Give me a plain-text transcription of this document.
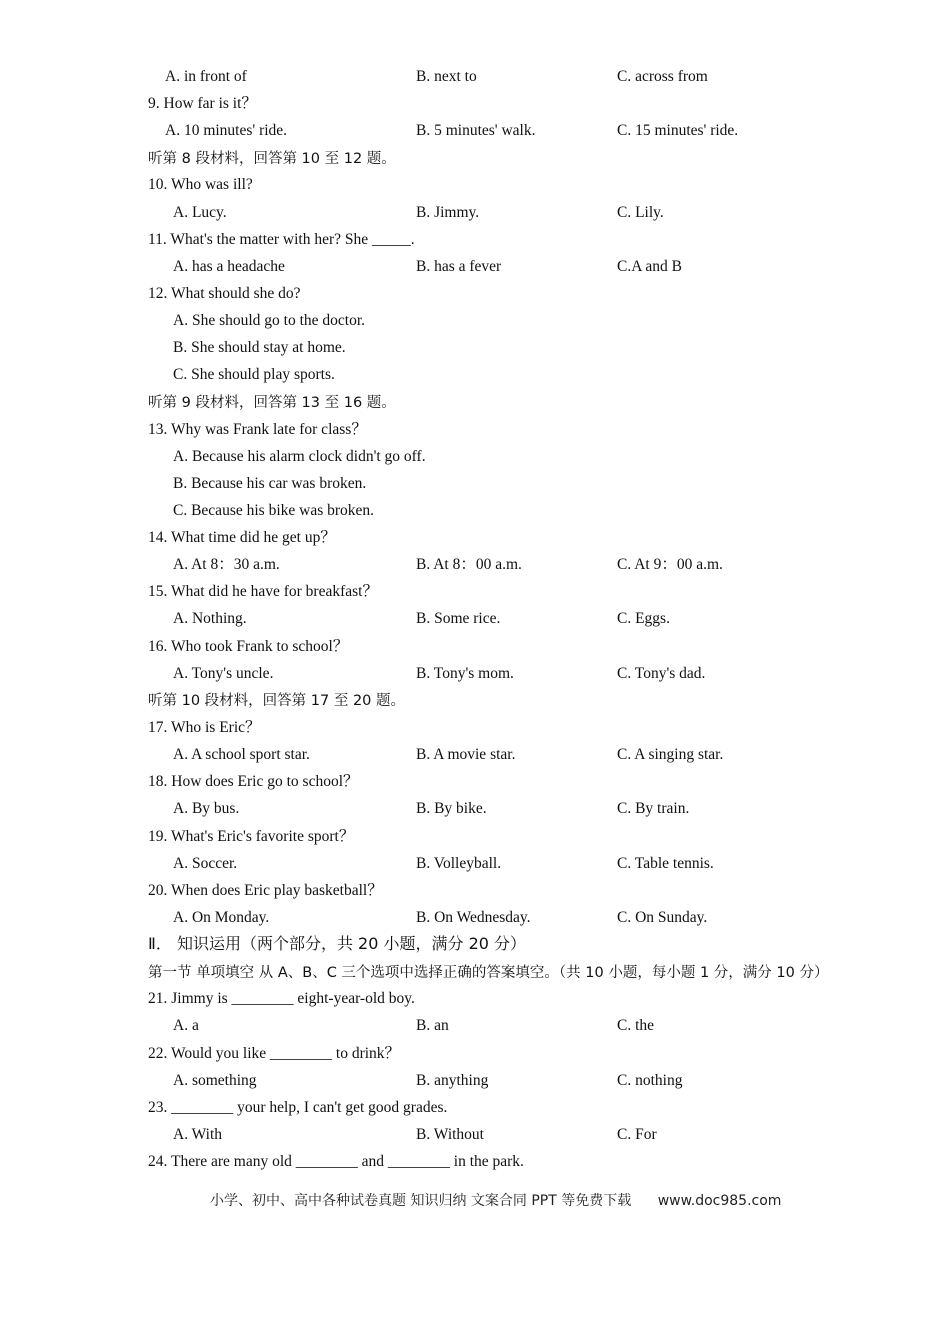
A. in front of	B. next to	C. across from
9. How far is it？
A. 10 minutes' ride.	B. 5 minutes' walk.	C. 15 minutes' ride.
听第 8 段材料，回答第 10 至 12 题。
10. Who was ill?
A. Lucy.	B. Jimmy.	C. Lily.
11. What's the matter with her? She _____.
A. has a headache	B. has a fever	C.A and B
12. What should she do?
A. She should go to the doctor.
B. She should stay at home.
C. She should play sports.
听第 9 段材料，回答第 13 至 16 题。
13. Why was Frank late for class？
A. Because his alarm clock didn't go off.
B. Because his car was broken.
C. Because his bike was broken.
14. What time did he get up？
A. At 8：30 a.m.	B. At 8：00 a.m.	C. At 9：00 a.m.
15. What did he have for breakfast？
A. Nothing.	B. Some rice.	C. Eggs.
16. Who took Frank to school？
A. Tony's uncle.	B. Tony's mom.	C. Tony's dad.
听第 10 段材料，回答第 17 至 20 题。
17. Who is Eric？
A. A school sport star.	B. A movie star.	C. A singing star.
18. How does Eric go to school？
A. By bus.	B. By bike.	C. By train.
19. What's Eric's favorite sport？
A. Soccer.	B. Volleyball.	C. Table tennis.
20. When does Eric play basketball？
A. On Monday.	B. On Wednesday.	C. On Sunday.
Ⅱ． 知识运用（两个部分，共 20 小题，满分 20 分）
第一节 单项填空 从 A、B、C 三个选项中选择正确的答案填空。（共 10 小题，每小题 1 分，满分 10 分）
21. Jimmy is ________ eight-year-old boy.
A. a	B. an	C. the
22. Would you like ________ to drink？
A. something	B. anything	C. nothing
23. ________ your help, I can't get good grades.
A. With	B. Without	C. For
24. There are many old ________ and ________ in the park.
小学、初中、高中各种试卷真题 知识归纳 文案合同 PPT 等免费下载 www.doc985.com
